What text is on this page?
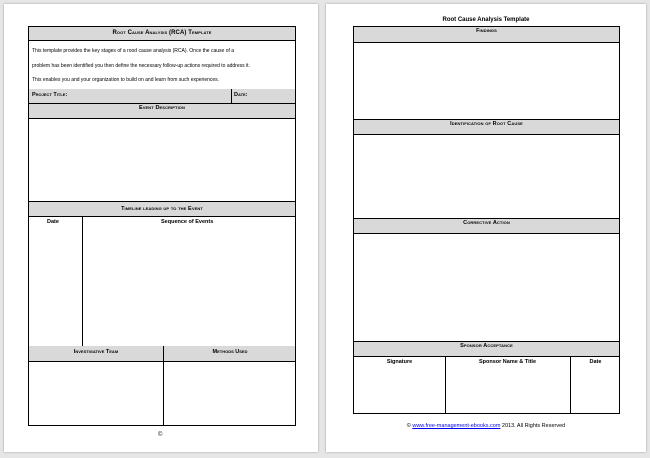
Root Cause Analysis (RCA) Template
This template provides the key stages of a rood cause analysis (RCA). Once the cause of a
problem has been identified you then define the necessary follow-up actions required to address it.
This enables you and your organization to build on and learn from such experiences.
Project Title:	Date:
Event Description
Timeline leading up to the Event
Date	Sequence of Events
Investigative Team	Methods Used
©
Root Cause Analysis Template
Findings
Identification of Root Cause
Corrective Action
Sponsor Acceptance
Signature	Sponsor Name & Title	Date
© www.free-management-ebooks.com 2013. All Rights Reserved
